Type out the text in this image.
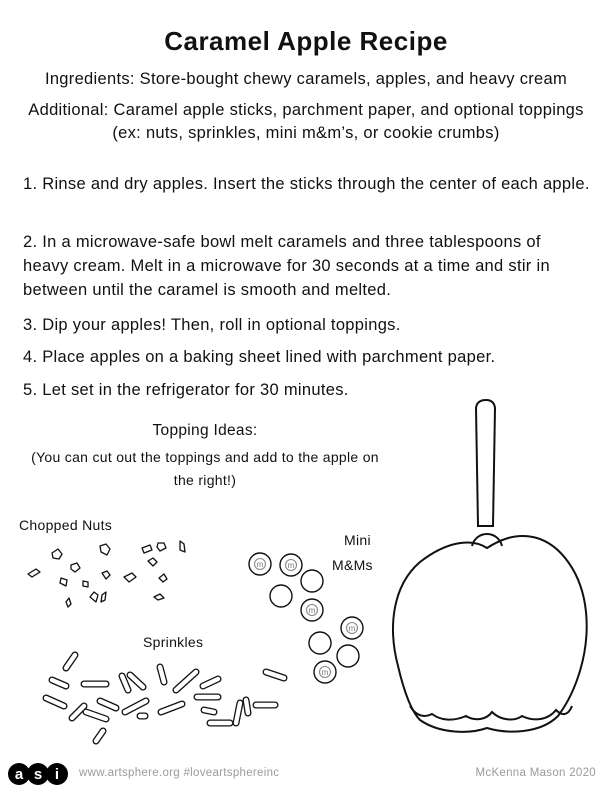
Caramel Apple Recipe
Ingredients: Store-bought chewy caramels, apples, and heavy cream
Additional: Caramel apple sticks, parchment paper, and optional toppings (ex: nuts, sprinkles, mini m&m’s, or cookie crumbs)
1. Rinse and dry apples. Insert the sticks through the center of each apple.
2. In a microwave-safe bowl melt caramels and three tablespoons of heavy cream. Melt in a microwave for 30 seconds at a time and stir in between until the caramel is smooth and melted.
3. Dip your apples! Then, roll in optional toppings.
4. Place apples on a baking sheet lined with parchment paper.
5. Let set in the refrigerator for 30 minutes.
Topping Ideas:
(You can cut out the toppings and add to the apple on the right!)
Chopped Nuts
Mini
M&Ms
Sprinkles
m	m
m
m
m
a s i www.artsphere.org #loveartsphereinc	McKenna Mason 2020
